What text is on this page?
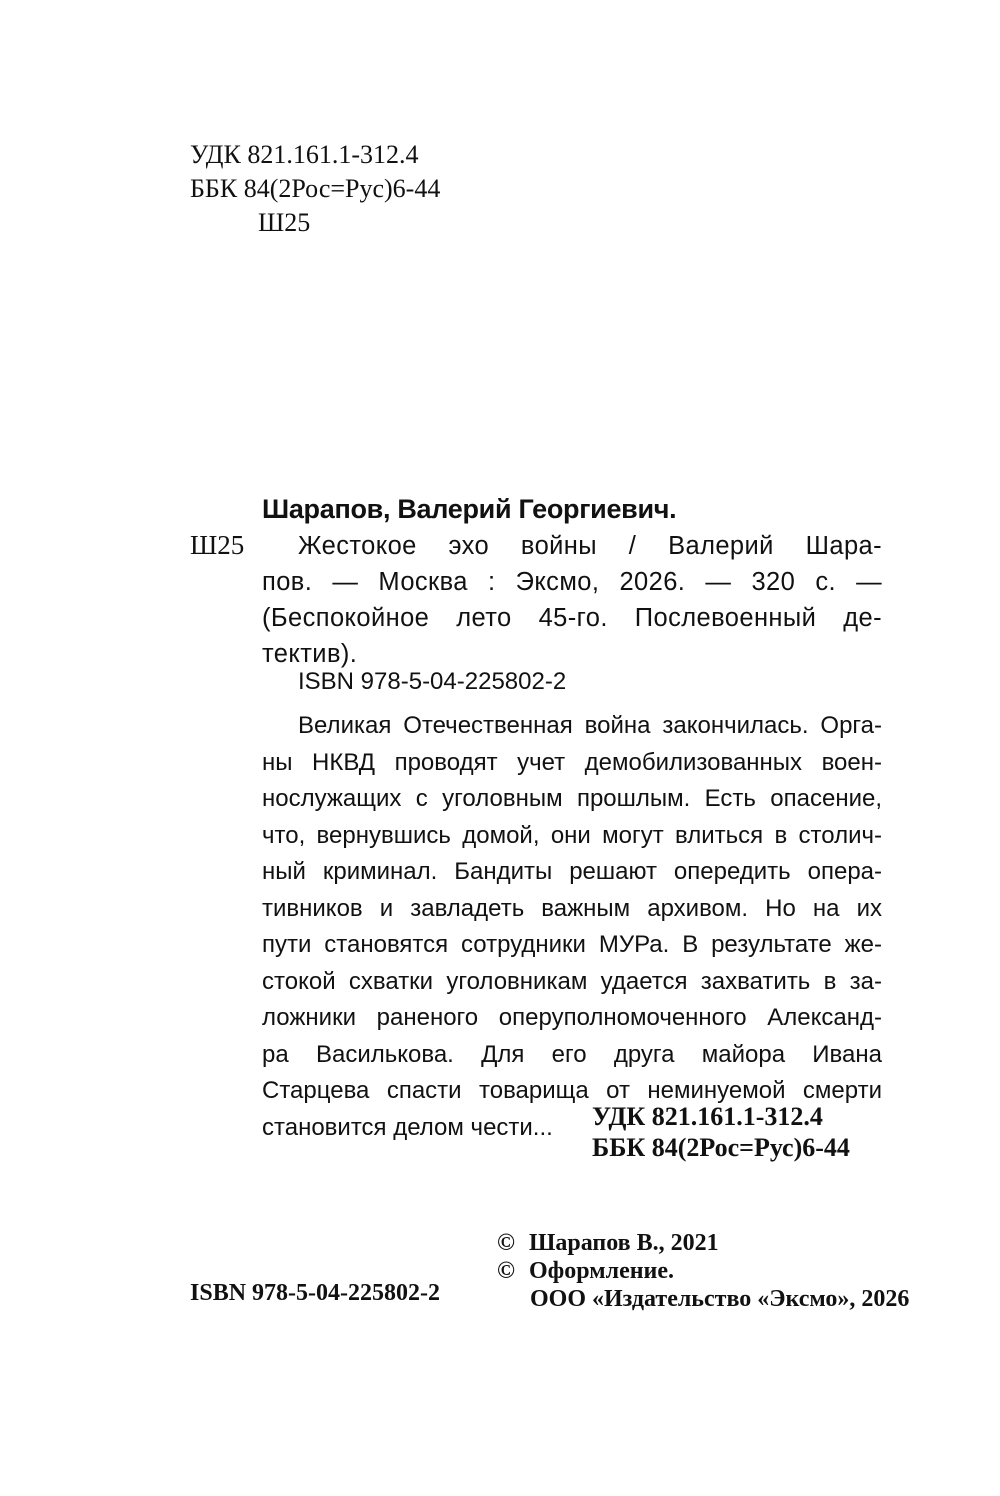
УДК 821.161.1-312.4
ББК 84(2Рос=Рус)6-44
Ш25
Шарапов, Валерий Георгиевич.
Ш25	Жестокое эхо войны / Валерий Шара-
пов. — Москва : Эксмо, 2026. — 320 с. —
(Беспокойное лето 45-го. Послевоенный де-
тектив).
ISBN 978-5-04-225802-2
Великая Отечественная война закончилась. Орга-
ны НКВД проводят учет демобилизованных воен-
нослужащих с уголовным прошлым. Есть опасение,
что, вернувшись домой, они могут влиться в столич-
ный криминал. Бандиты решают опередить опера-
тивников и завладеть важным архивом. Но на их
пути становятся сотрудники МУРа. В результате же-
стокой схватки уголовникам удается захватить в за-
ложники раненого оперуполномоченного Александ-
ра Василькова. Для его друга майора Ивана
Старцева спасти товарища от неминуемой смерти
становится делом чести...	УДК 821.161.1-312.4
ББК 84(2Рос=Рус)6-44
© Шарапов В., 2021
© Оформление.
ООО «Издательство «Эксмо», 2026
ISBN 978-5-04-225802-2
